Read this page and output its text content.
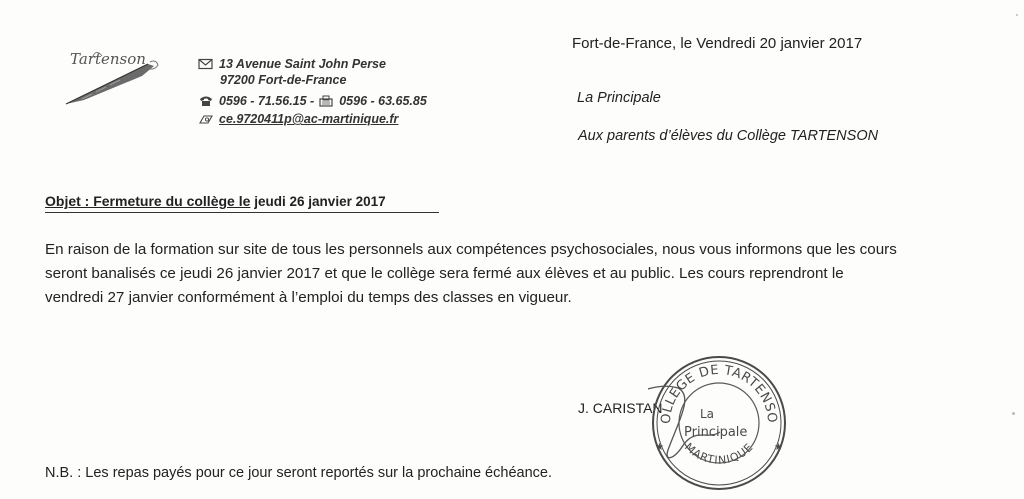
Tartenson	13 Avenue Saint John Perse
97200 Fort-de-France
0596 - 71.56.15 - 0596 - 63.65.85
ce.9720411p@ac-martinique.fr
Fort-de-France, le Vendredi 20 janvier 2017
La Principale
Aux parents d’élèves du Collège TARTENSON
Objet : Fermeture du collège le jeudi 26 janvier 2017

En raison de la formation sur site de tous les personnels aux compétences psychosociales, nous vous informons que les cours

seront banalisés ce jeudi 26 janvier 2017 et que le collège sera fermé aux élèves et au public. Les cours reprendront le

vendredi 27 janvier conformément à l’emploi du temps des classes en vigueur.

J. CARISTAN
OLLEGE DE TARTENSO
MARTINIQUE
La
Principale
★	★
N.B. : Les repas payés pour ce jour seront reportés sur la prochaine échéance.
